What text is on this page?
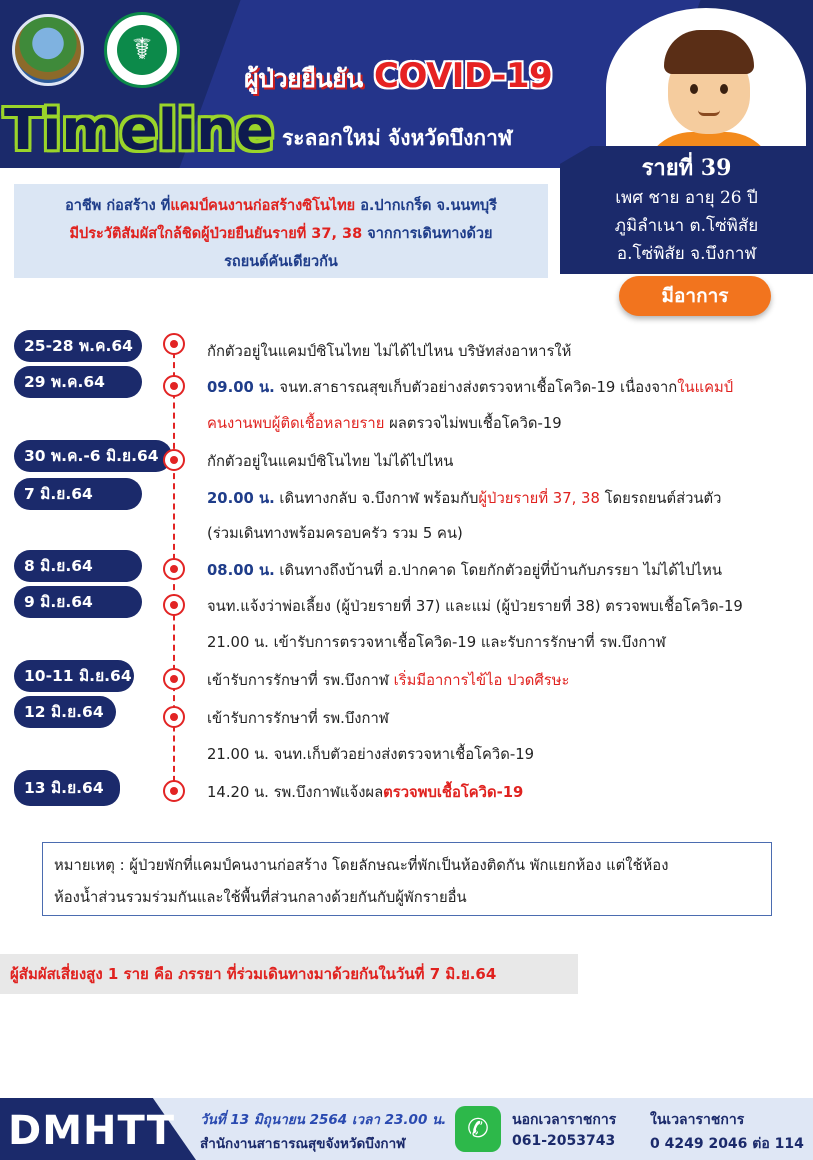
☤
ผู้ป่วยยืนยัน COVID-19
Timeline ระลอกใหม่ จังหวัดบึงกาฬ
รายที่ 39
เพศ ชาย อายุ 26 ปี
ภูมิลำเนา ต.โซ่พิสัย
อ.โซ่พิสัย จ.บึงกาฬ
มีอาการ
อาชีพ ก่อสร้าง ที่แคมป์คนงานก่อสร้างซิโนไทย อ.ปากเกร็ด จ.นนทบุรี
มีประวัติสัมผัสใกล้ชิดผู้ป่วยยืนยันรายที่ 37, 38 จากการเดินทางด้วย
รถยนต์คันเดียวกัน
25-28 พ.ค.64	กักตัวอยู่ในแคมป์ซิโนไทย ไม่ได้ไปไหน บริษัทส่งอาหารให้
29 พ.ค.64	09.00 น. จนท.สาธารณสุขเก็บตัวอย่างส่งตรวจหาเชื้อโควิด-19 เนื่องจากในแคมป์
คนงานพบผู้ติดเชื้อหลายราย ผลตรวจไม่พบเชื้อโควิด-19
30 พ.ค.-6 มิ.ย.64	กักตัวอยู่ในแคมป์ซิโนไทย ไม่ได้ไปไหน
7 มิ.ย.64	20.00 น. เดินทางกลับ จ.บึงกาฬ พร้อมกับผู้ป่วยรายที่ 37, 38 โดยรถยนต์ส่วนตัว
(ร่วมเดินทางพร้อมครอบครัว รวม 5 คน)
8 มิ.ย.64	08.00 น. เดินทางถึงบ้านที่ อ.ปากคาด โดยกักตัวอยู่ที่บ้านกับภรรยา ไม่ได้ไปไหน
9 มิ.ย.64	จนท.แจ้งว่าพ่อเลี้ยง (ผู้ป่วยรายที่ 37) และแม่ (ผู้ป่วยรายที่ 38) ตรวจพบเชื้อโควิด-19
21.00 น. เข้ารับการตรวจหาเชื้อโควิด-19 และรับการรักษาที่ รพ.บึงกาฬ
10-11 มิ.ย.64	เข้ารับการรักษาที่ รพ.บึงกาฬ เริ่มมีอาการไข้ไอ ปวดศีรษะ
12 มิ.ย.64	เข้ารับการรักษาที่ รพ.บึงกาฬ
21.00 น. จนท.เก็บตัวอย่างส่งตรวจหาเชื้อโควิด-19
13 มิ.ย.64	14.20 น. รพ.บึงกาฬแจ้งผลตรวจพบเชื้อโควิด-19
หมายเหตุ : ผู้ป่วยพักที่แคมป์คนงานก่อสร้าง โดยลักษณะที่พักเป็นห้องติดกัน พักแยกห้อง แต่ใช้ห้อง
ห้องน้ำส่วนรวมร่วมกันและใช้พื้นที่ส่วนกลางด้วยกันกับผู้พักรายอื่น
ผู้สัมผัสเสี่ยงสูง 1 ราย คือ ภรรยา ที่ร่วมเดินทางมาด้วยกันในวันที่ 7 มิ.ย.64
DMHTT วันที่ 13 มิถุนายน 2564 เวลา 23.00 น.
สำนักงานสาธารณสุขจังหวัดบึงกาฬ	✆	นอกเวลาราชการ
061-2053743
ในเวลาราชการ
0 4249 2046 ต่อ 114
